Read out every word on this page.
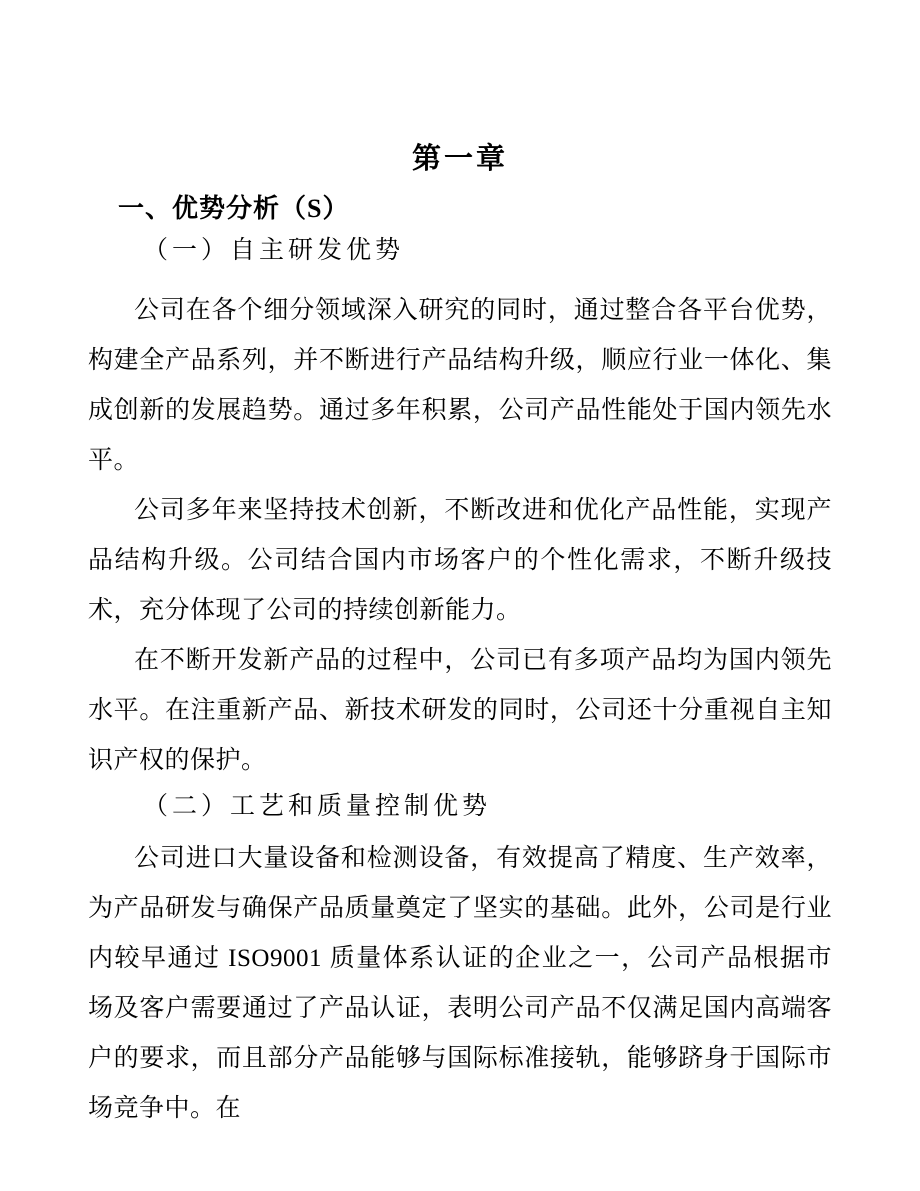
第一章
一、优势分析（S）
（一）自主研发优势

公司在各个细分领域深入研究的同时，通过整合各平台优势，构建全产品系列，并不断进行产品结构升级，顺应行业一体化、集成创新的发展趋势。通过多年积累，公司产品性能处于国内领先水平。

公司多年来坚持技术创新，不断改进和优化产品性能，实现产品结构升级。公司结合国内市场客户的个性化需求，不断升级技术，充分体现了公司的持续创新能力。

在不断开发新产品的过程中，公司已有多项产品均为国内领先水平。在注重新产品、新技术研发的同时，公司还十分重视自主知识产权的保护。

（二）工艺和质量控制优势

公司进口大量设备和检测设备，有效提高了精度、生产效率，为产品研发与确保产品质量奠定了坚实的基础。此外，公司是行业内较早通过 ISO9001 质量体系认证的企业之一，公司产品根据市场及客户需要通过了产品认证，表明公司产品不仅满足国内高端客户的要求，而且部分产品能够与国际标准接轨，能够跻身于国际市场竞争中。在
